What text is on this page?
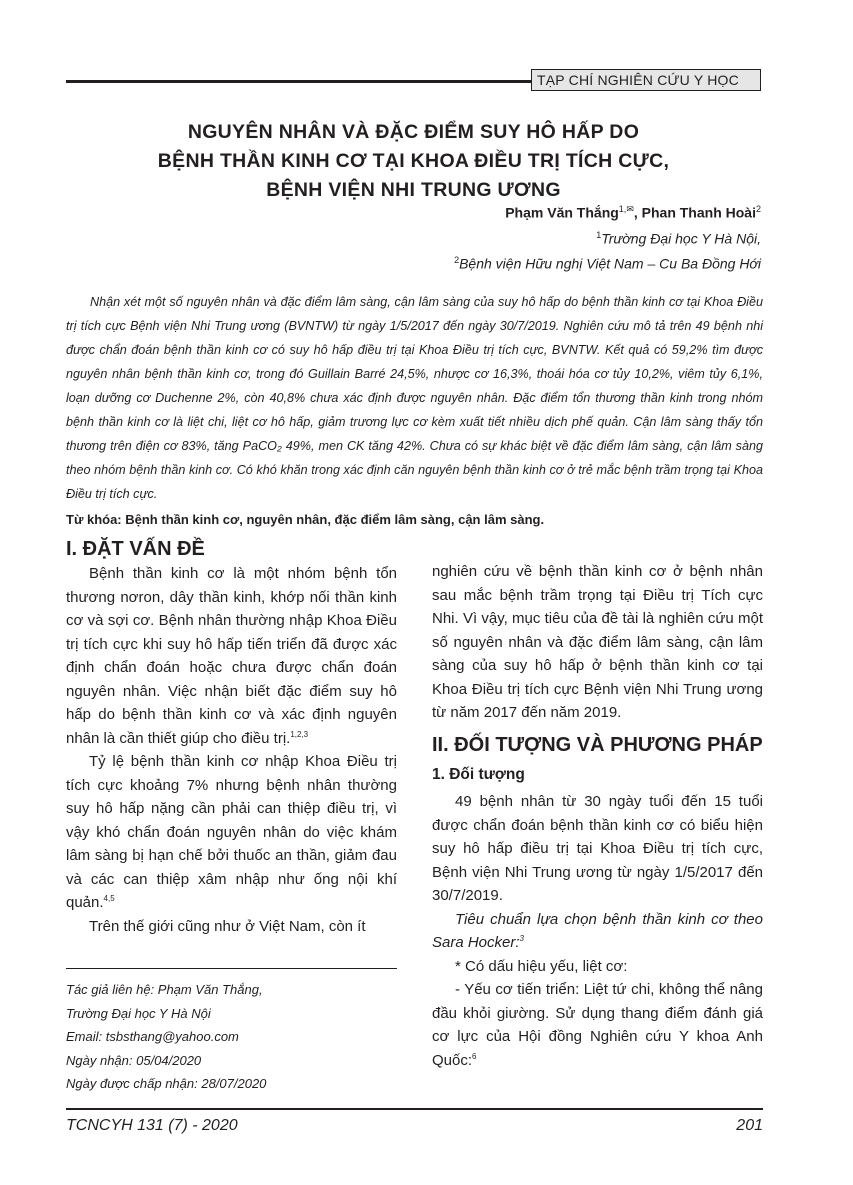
TẠP CHÍ NGHIÊN CỨU Y HỌC
NGUYÊN NHÂN VÀ ĐẶC ĐIỂM SUY HÔ HẤP DO
BỆNH THẦN KINH CƠ TẠI KHOA ĐIỀU TRỊ TÍCH CỰC,
BỆNH VIỆN NHI TRUNG ƯƠNG
Phạm Văn Thắng$^{1,✉}$, Phan Thanh Hoài$^2$
$^1$Trường Đại học Y Hà Nội,
$^2$Bệnh viện Hữu nghị Việt Nam – Cu Ba Đồng Hới

Nhận xét một số nguyên nhân và đặc điểm lâm sàng, cận lâm sàng của suy hô hấp do bệnh thần kinh cơ tại Khoa Điều trị tích cực Bệnh viện Nhi Trung ương (BVNTW) từ ngày 1/5/2017 đến ngày 30/7/2019. Nghiên cứu mô tả trên 49 bệnh nhi được chẩn đoán bệnh thần kinh cơ có suy hô hấp điều trị tại Khoa Điều trị tích cực, BVNTW. Kết quả có 59,2% tìm được nguyên nhân bệnh thần kinh cơ, trong đó Guillain Barré 24,5%, nhược cơ 16,3%, thoái hóa cơ tủy 10,2%, viêm tủy 6,1%, loạn dưỡng cơ Duchenne 2%, còn 40,8% chưa xác định được nguyên nhân. Đặc điểm tổn thương thần kinh trong nhóm bệnh thần kinh cơ là liệt chi, liệt cơ hô hấp, giảm trương lực cơ kèm xuất tiết nhiều dịch phế quản. Cận lâm sàng thấy tổn thương trên điện cơ 83%, tăng PaCO₂ 49%, men CK tăng 42%. Chưa có sự khác biệt về đặc điểm lâm sàng, cận lâm sàng theo nhóm bệnh thần kinh cơ. Có khó khăn trong xác định căn nguyên bệnh thần kinh cơ ở trẻ mắc bệnh trầm trọng tại Khoa Điều trị tích cực.

Từ khóa: Bệnh thần kinh cơ, nguyên nhân, đặc điểm lâm sàng, cận lâm sàng.
I. ĐẶT VẤN ĐỀ

Bệnh thần kinh cơ là một nhóm bệnh tổn thương nơron, dây thần kinh, khớp nối thần kinh cơ và sợi cơ. Bệnh nhân thường nhập Khoa Điều trị tích cực khi suy hô hấp tiến triển đã được xác định chẩn đoán hoặc chưa được chẩn đoán nguyên nhân. Việc nhận biết đặc điểm suy hô hấp do bệnh thần kinh cơ và xác định nguyên nhân là cần thiết giúp cho điều trị.$^{1,2,3}$

Tỷ lệ bệnh thần kinh cơ nhập Khoa Điều trị tích cực khoảng 7% nhưng bệnh nhân thường suy hô hấp nặng cần phải can thiệp điều trị, vì vậy khó chẩn đoán nguyên nhân do việc khám lâm sàng bị hạn chế bởi thuốc an thần, giảm đau và các can thiệp xâm nhập như ống nội khí quản.$^{4,5}$

Trên thế giới cũng như ở Việt Nam, còn ít

Tác giả liên hệ: Phạm Văn Thắng,
Trường Đại học Y Hà Nội
Email: tsbsthang@yahoo.com
Ngày nhận: 05/04/2020
Ngày được chấp nhận: 28/07/2020

nghiên cứu về bệnh thần kinh cơ ở bệnh nhân sau mắc bệnh trầm trọng tại Điều trị Tích cực Nhi. Vì vậy, mục tiêu của đề tài là nghiên cứu một số nguyên nhân và đặc điểm lâm sàng, cận lâm sàng của suy hô hấp ở bệnh thần kinh cơ tại Khoa Điều trị tích cực Bệnh viện Nhi Trung ương từ năm 2017 đến năm 2019.

II. ĐỐI TƯỢNG VÀ PHƯƠNG PHÁP
1. Đối tượng

49 bệnh nhân từ 30 ngày tuổi đến 15 tuổi được chẩn đoán bệnh thần kinh cơ có biểu hiện suy hô hấp điều trị tại Khoa Điều trị tích cực, Bệnh viện Nhi Trung ương từ ngày 1/5/2017 đến 30/7/2019.

Tiêu chuẩn lựa chọn bệnh thần kinh cơ theo Sara Hocker:$^3$

* Có dấu hiệu yếu, liệt cơ:

- Yếu cơ tiến triển: Liệt tứ chi, không thể nâng đầu khỏi giường. Sử dụng thang điểm đánh giá cơ lực của Hội đồng Nghiên cứu Y khoa Anh Quốc:$^6$

TCNCYH 131 (7) - 2020	201
